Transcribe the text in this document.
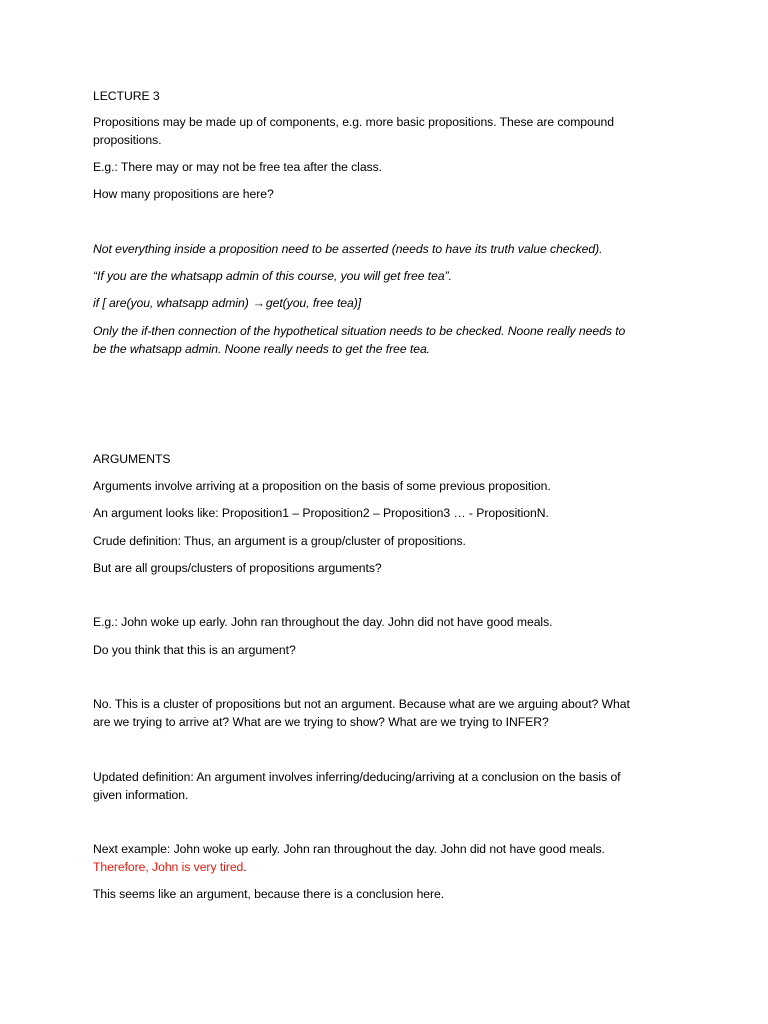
LECTURE 3
Propositions may be made up of components, e.g. more basic propositions. These are compound
propositions.
E.g.: There may or may not be free tea after the class.
How many propositions are here?
Not everything inside a proposition need to be asserted (needs to have its truth value checked).
“If you are the whatsapp admin of this course, you will get free tea”.
if [ are(you, whatsapp admin) →get(you, free tea)]
Only the if-then connection of the hypothetical situation needs to be checked. Noone really needs to
be the whatsapp admin. Noone really needs to get the free tea.
ARGUMENTS
Arguments involve arriving at a proposition on the basis of some previous proposition.
An argument looks like: Proposition1 – Proposition2 – Proposition3 … - PropositionN.
Crude definition: Thus, an argument is a group/cluster of propositions.
But are all groups/clusters of propositions arguments?
E.g.: John woke up early. John ran throughout the day. John did not have good meals.
Do you think that this is an argument?
No. This is a cluster of propositions but not an argument. Because what are we arguing about? What
are we trying to arrive at? What are we trying to show? What are we trying to INFER?
Updated definition: An argument involves inferring/deducing/arriving at a conclusion on the basis of
given information.
Next example: John woke up early. John ran throughout the day. John did not have good meals.
Therefore, John is very tired.
This seems like an argument, because there is a conclusion here.
